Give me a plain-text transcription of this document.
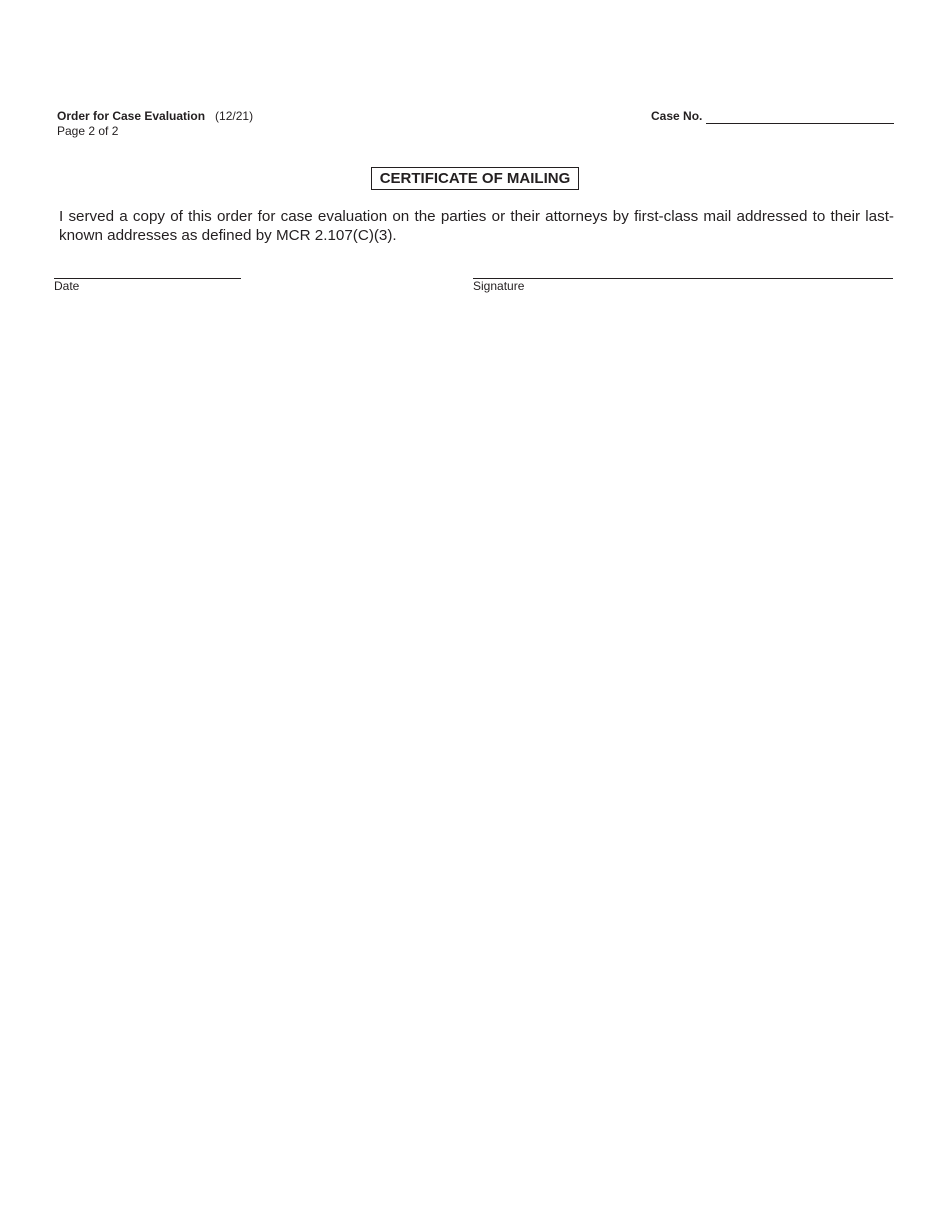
Order for Case Evaluation (12/21)
Page 2 of 2
Case No.
CERTIFICATE OF MAILING
I served a copy of this order for case evaluation on the parties or their attorneys by first-class mail addressed to their last-known addresses as defined by MCR 2.107(C)(3).
Date	Signature
